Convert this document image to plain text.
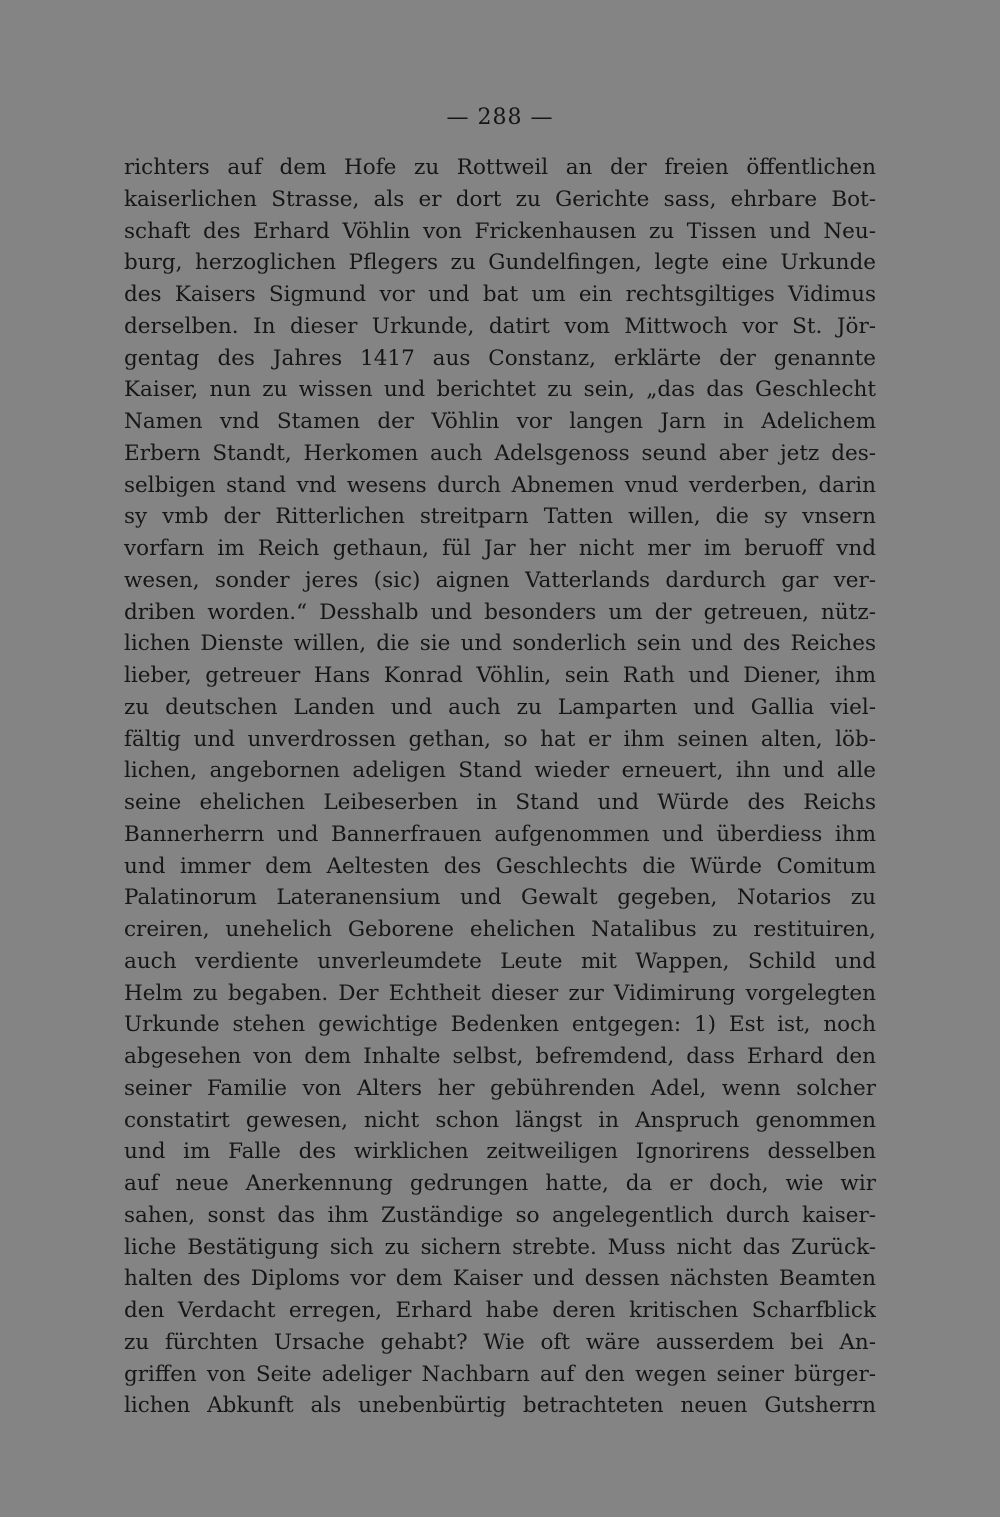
— 288 —
richters auf dem Hofe zu Rottweil an der freien öffentlichen
kaiserlichen Strasse, als er dort zu Gerichte sass, ehrbare Bot-
schaft des Erhard Vöhlin von Frickenhausen zu Tissen und Neu-
burg, herzoglichen Pflegers zu Gundelfingen, legte eine Urkunde
des Kaisers Sigmund vor und bat um ein rechtsgiltiges Vidimus
derselben. In dieser Urkunde, datirt vom Mittwoch vor St. Jör-
gentag des Jahres 1417 aus Constanz, erklärte der genannte
Kaiser, nun zu wissen und berichtet zu sein, „das das Geschlecht
Namen vnd Stamen der Vöhlin vor langen Jarn in Adelichem
Erbern Standt, Herkomen auch Adelsgenoss seund aber jetz des-
selbigen stand vnd wesens durch Abnemen vnud verderben, darin
sy vmb der Ritterlichen streitparn Tatten willen, die sy vnsern
vorfarn im Reich gethaun, fül Jar her nicht mer im beruoff vnd
wesen, sonder jeres (sic) aignen Vatterlands dardurch gar ver-
driben worden.“ Desshalb und besonders um der getreuen, nütz-
lichen Dienste willen, die sie und sonderlich sein und des Reiches
lieber, getreuer Hans Konrad Vöhlin, sein Rath und Diener, ihm
zu deutschen Landen und auch zu Lamparten und Gallia viel-
fältig und unverdrossen gethan, so hat er ihm seinen alten, löb-
lichen, angebornen adeligen Stand wieder erneuert, ihn und alle
seine ehelichen Leibeserben in Stand und Würde des Reichs
Bannerherrn und Bannerfrauen aufgenommen und überdiess ihm
und immer dem Aeltesten des Geschlechts die Würde Comitum
Palatinorum Lateranensium und Gewalt gegeben, Notarios zu
creiren, unehelich Geborene ehelichen Natalibus zu restituiren,
auch verdiente unverleumdete Leute mit Wappen, Schild und
Helm zu begaben. Der Echtheit dieser zur Vidimirung vorgelegten
Urkunde stehen gewichtige Bedenken entgegen: 1) Est ist, noch
abgesehen von dem Inhalte selbst, befremdend, dass Erhard den
seiner Familie von Alters her gebührenden Adel, wenn solcher
constatirt gewesen, nicht schon längst in Anspruch genommen
und im Falle des wirklichen zeitweiligen Ignorirens desselben
auf neue Anerkennung gedrungen hatte, da er doch, wie wir
sahen, sonst das ihm Zuständige so angelegentlich durch kaiser-
liche Bestätigung sich zu sichern strebte. Muss nicht das Zurück-
halten des Diploms vor dem Kaiser und dessen nächsten Beamten
den Verdacht erregen, Erhard habe deren kritischen Scharfblick
zu fürchten Ursache gehabt? Wie oft wäre ausserdem bei An-
griffen von Seite adeliger Nachbarn auf den wegen seiner bürger-
lichen Abkunft als unebenbürtig betrachteten neuen Gutsherrn
